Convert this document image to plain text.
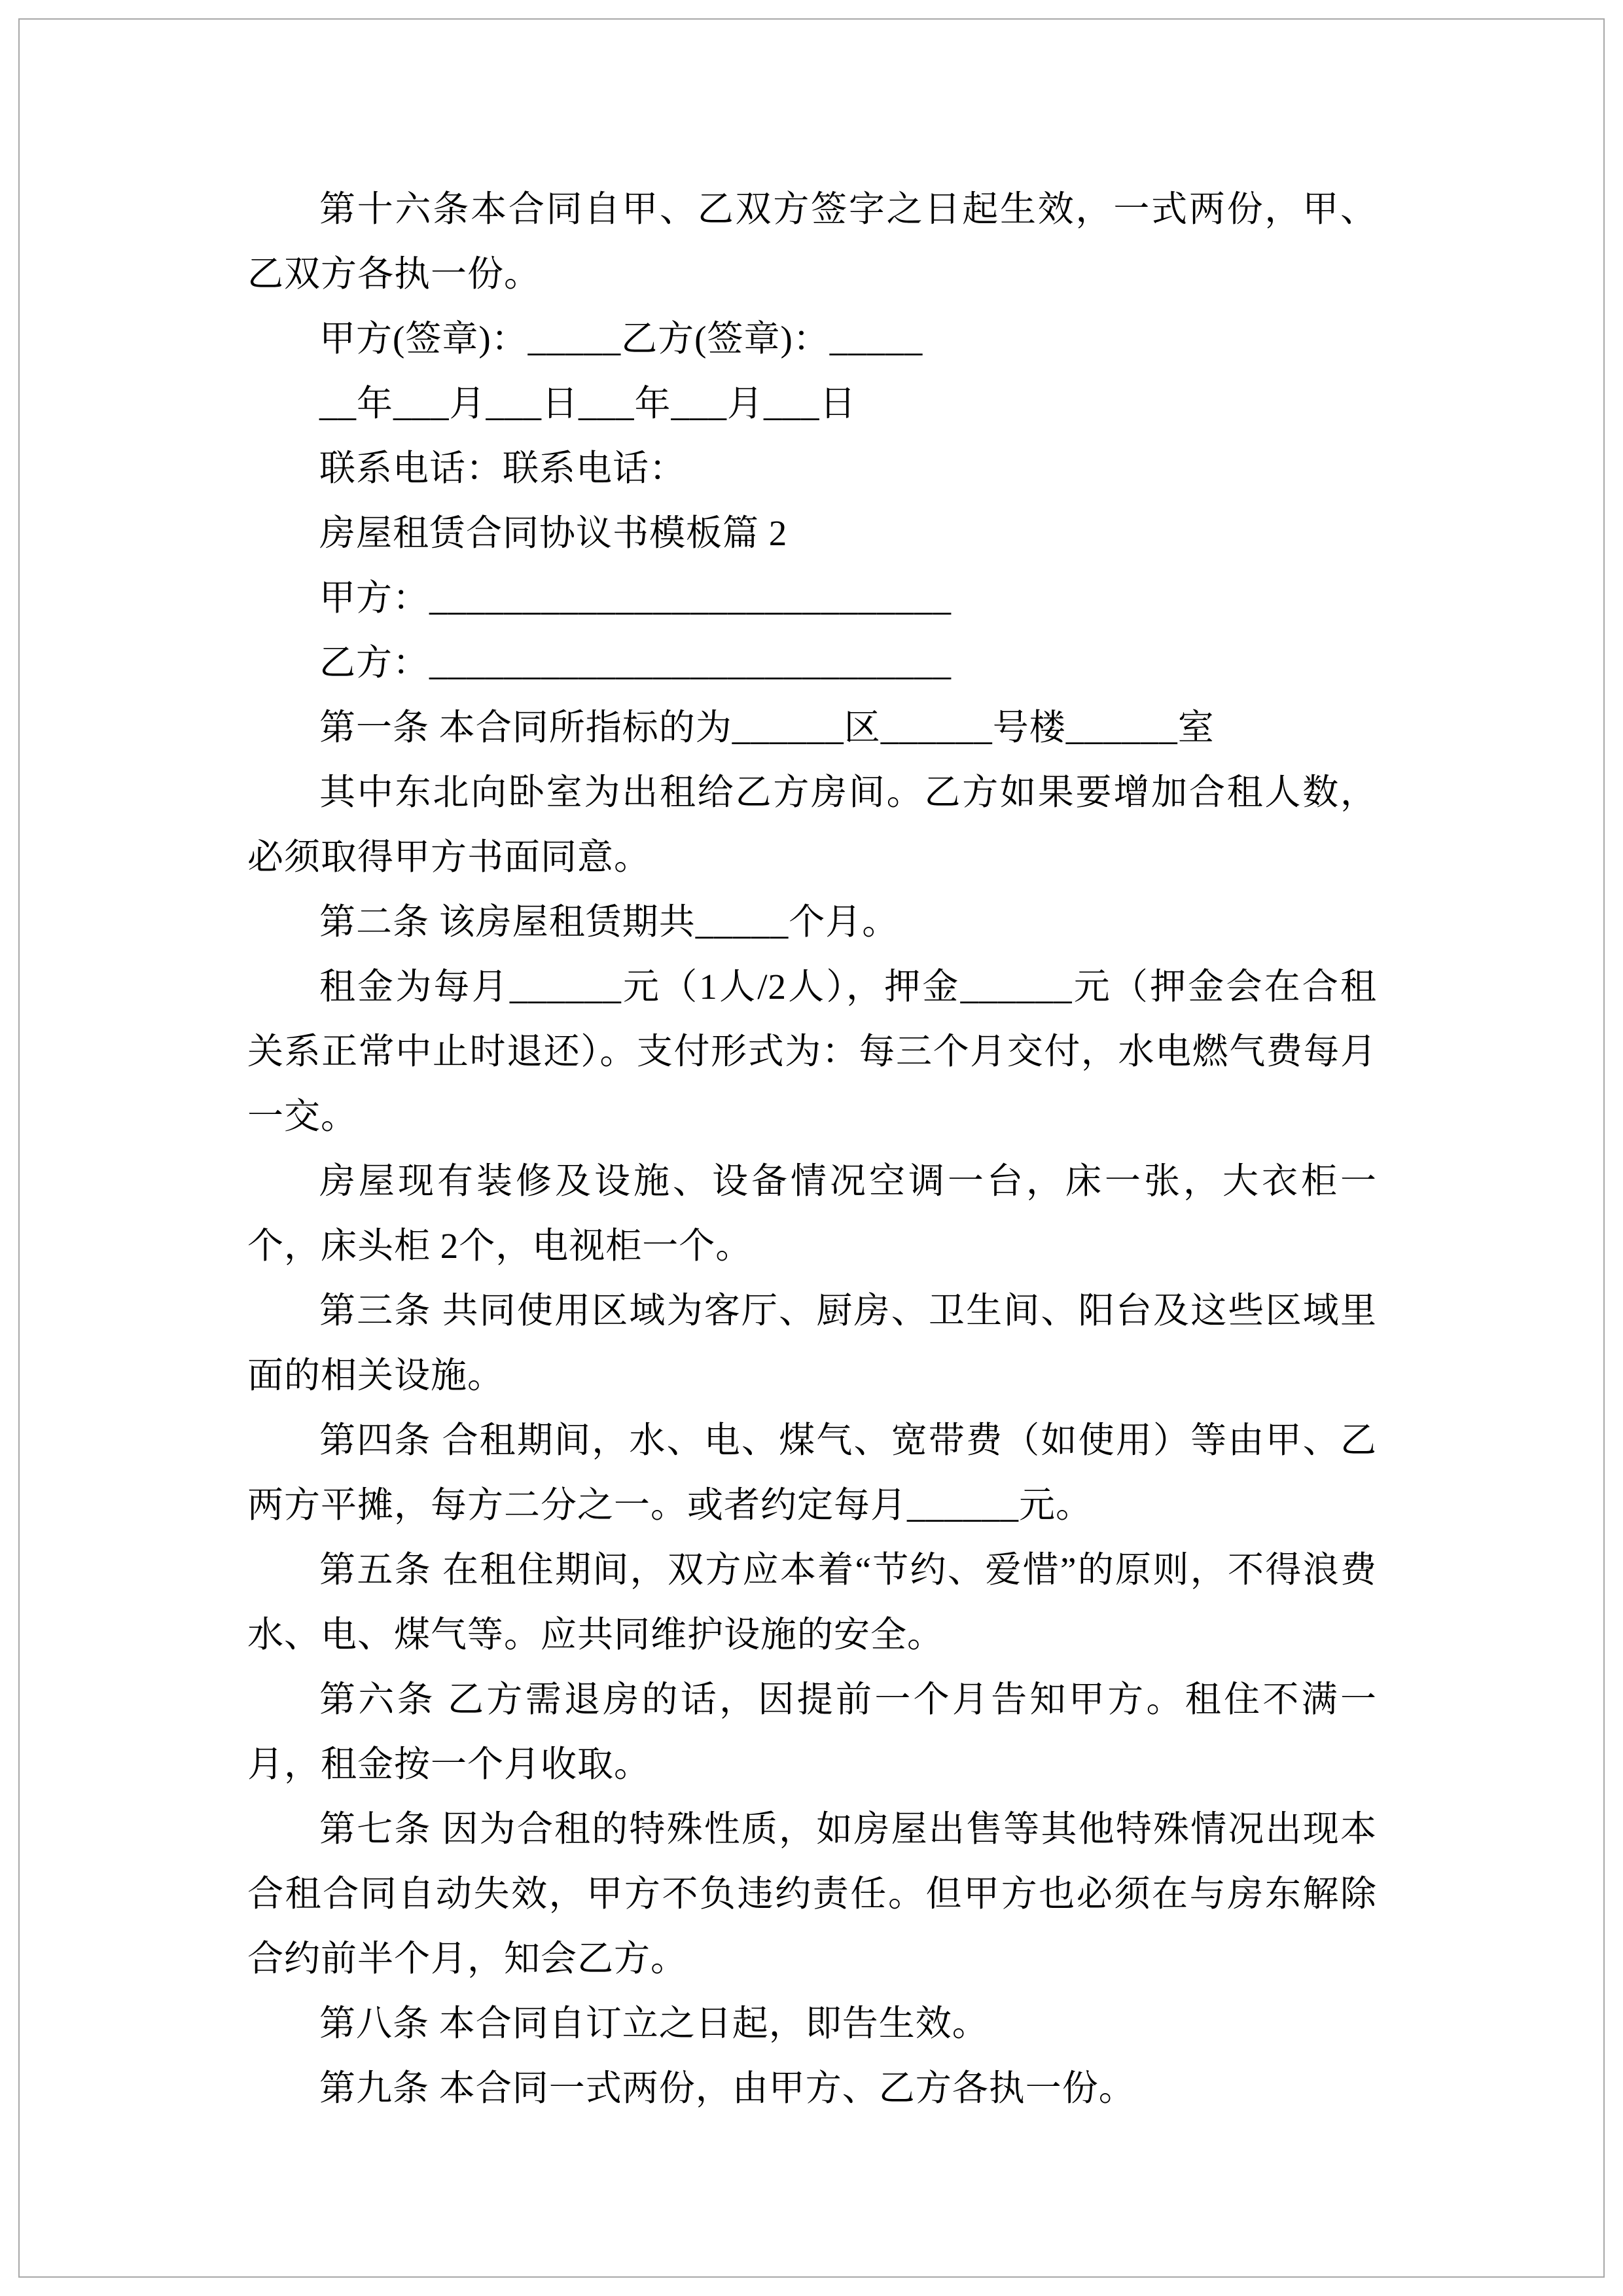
第十六条本合同自甲、乙双方签字之日起生效，一式两份，甲、乙双方各执一份。

甲方(签章)：_____乙方(签章)：_____

__年___月___日___年___月___日

联系电话：联系电话：

房屋租赁合同协议书模板篇 2

甲方：____________________________

乙方：____________________________

第一条 本合同所指标的为______区______号楼______室

其中东北向卧室为出租给乙方房间。乙方如果要增加合租人数，必须取得甲方书面同意。

第二条 该房屋租赁期共_____个月。

租金为每月______元（1人/2人），押金______元（押金会在合租关系正常中止时退还）。支付形式为：每三个月交付，水电燃气费每月一交。

房屋现有装修及设施、设备情况空调一台，床一张，大衣柜一个，床头柜 2个，电视柜一个。

第三条 共同使用区域为客厅、厨房、卫生间、阳台及这些区域里面的相关设施。

第四条 合租期间，水、电、煤气、宽带费（如使用）等由甲、乙两方平摊，每方二分之一。或者约定每月______元。

第五条 在租住期间，双方应本着“节约、爱惜”的原则，不得浪费水、电、煤气等。应共同维护设施的安全。

第六条 乙方需退房的话，因提前一个月告知甲方。租住不满一月，租金按一个月收取。

第七条 因为合租的特殊性质，如房屋出售等其他特殊情况出现本合租合同自动失效，甲方不负违约责任。但甲方也必须在与房东解除合约前半个月，知会乙方。

第八条 本合同自订立之日起，即告生效。

第九条 本合同一式两份，由甲方、乙方各执一份。
